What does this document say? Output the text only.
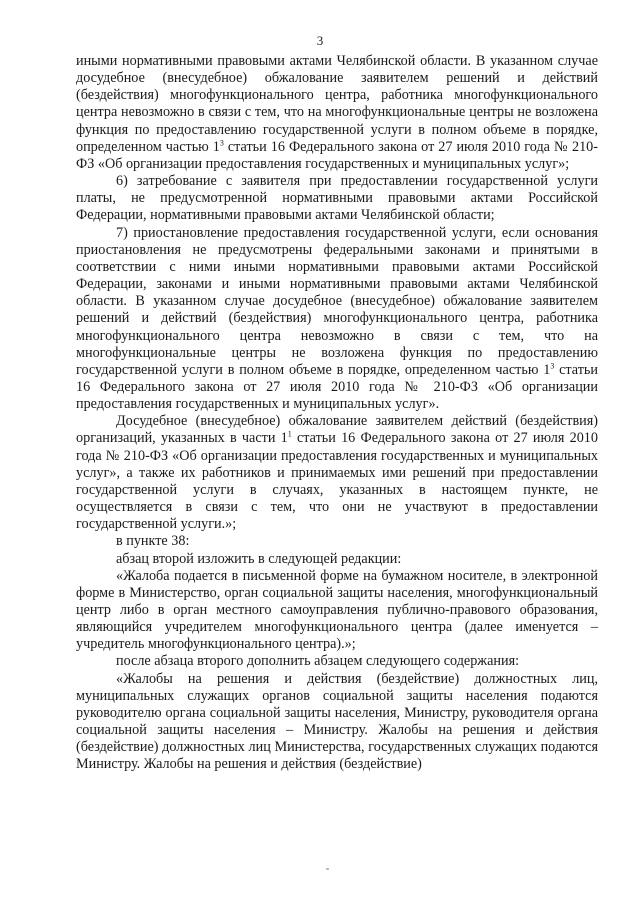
3

иными нормативными правовыми актами Челябинской области. В указанном случае досудебное (внесудебное) обжалование заявителем решений и действий (бездействия) многофункционального центра, работника многофункционального центра невозможно в связи с тем, что на многофункциональные центры не возложена функция по предоставлению государственной услуги в полном объеме в порядке, определенном частью $1^3$ статьи 16 Федерального закона от 27 июля 2010 года № 210-ФЗ «Об организации предоставления государственных и муниципальных услуг»;

6) затребование с заявителя при предоставлении государственной услуги платы, не предусмотренной нормативными правовыми актами Российской Федерации, нормативными правовыми актами Челябинской области;

7) приостановление предоставления государственной услуги, если основания приостановления не предусмотрены федеральными законами и принятыми в соответствии с ними иными нормативными правовыми актами Российской Федерации, законами и иными нормативными правовыми актами Челябинской области. В указанном случае досудебное (внесудебное) обжалование заявителем решений и действий (бездействия) многофункционального центра, работника многофункционального центра невозможно в связи с тем, что на многофункциональные центры не возложена функция по предоставлению государственной услуги в полном объеме в порядке, определенном частью $1^3$ статьи 16 Федерального закона от 27 июля 2010 года № 210-ФЗ «Об организации предоставления государственных и муниципальных услуг».

Досудебное (внесудебное) обжалование заявителем действий (бездействия) организаций, указанных в части $1^1$ статьи 16 Федерального закона от 27 июля 2010 года № 210-ФЗ «Об организации предоставления государственных и муниципальных услуг», а также их работников и принимаемых ими решений при предоставлении государственной услуги в случаях, указанных в настоящем пункте, не осуществляется в связи с тем, что они не участвуют в предоставлении государственной услуги.»;

в пункте 38:

абзац второй изложить в следующей редакции:

«Жалоба подается в письменной форме на бумажном носителе, в электронной форме в Министерство, орган социальной защиты населения, многофункциональный центр либо в орган местного самоуправления публично-правового образования, являющийся учредителем многофункционального центра (далее именуется – учредитель многофункционального центра).»;

после абзаца второго дополнить абзацем следующего содержания:

«Жалобы на решения и действия (бездействие) должностных лиц, муниципальных служащих органов социальной защиты населения подаются руководителю органа социальной защиты населения, Министру, руководителя органа социальной защиты населения – Министру. Жалобы на решения и действия (бездействие) должностных лиц Министерства, государственных служащих подаются Министру. Жалобы на решения и действия (бездействие)
